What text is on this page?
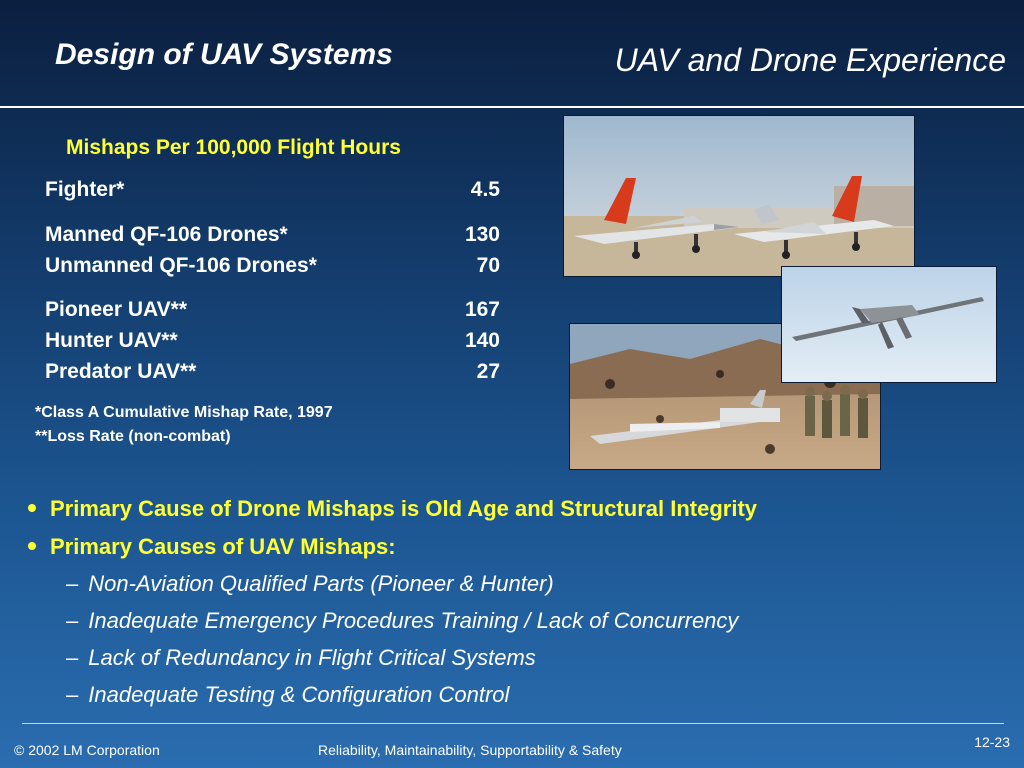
Design of UAV Systems	UAV and Drone Experience
Mishaps Per 100,000 Flight Hours
Fighter*	4.5
Manned QF-106 Drones*	130
Unmanned QF-106 Drones*	70
Pioneer UAV**	167
Hunter UAV**	140
Predator UAV**	27
*Class A Cumulative Mishap Rate, 1997
**Loss Rate (non-combat)
Primary Cause of Drone Mishaps is Old Age and Structural Integrity
Primary Causes of UAV Mishaps:
– Non-Aviation Qualified Parts (Pioneer & Hunter)
– Inadequate Emergency Procedures Training / Lack of Concurrency
– Lack of Redundancy in Flight Critical Systems
– Inadequate Testing & Configuration Control
© 2002 LM Corporation	Reliability, Maintainability, Supportability & Safety	12-23
